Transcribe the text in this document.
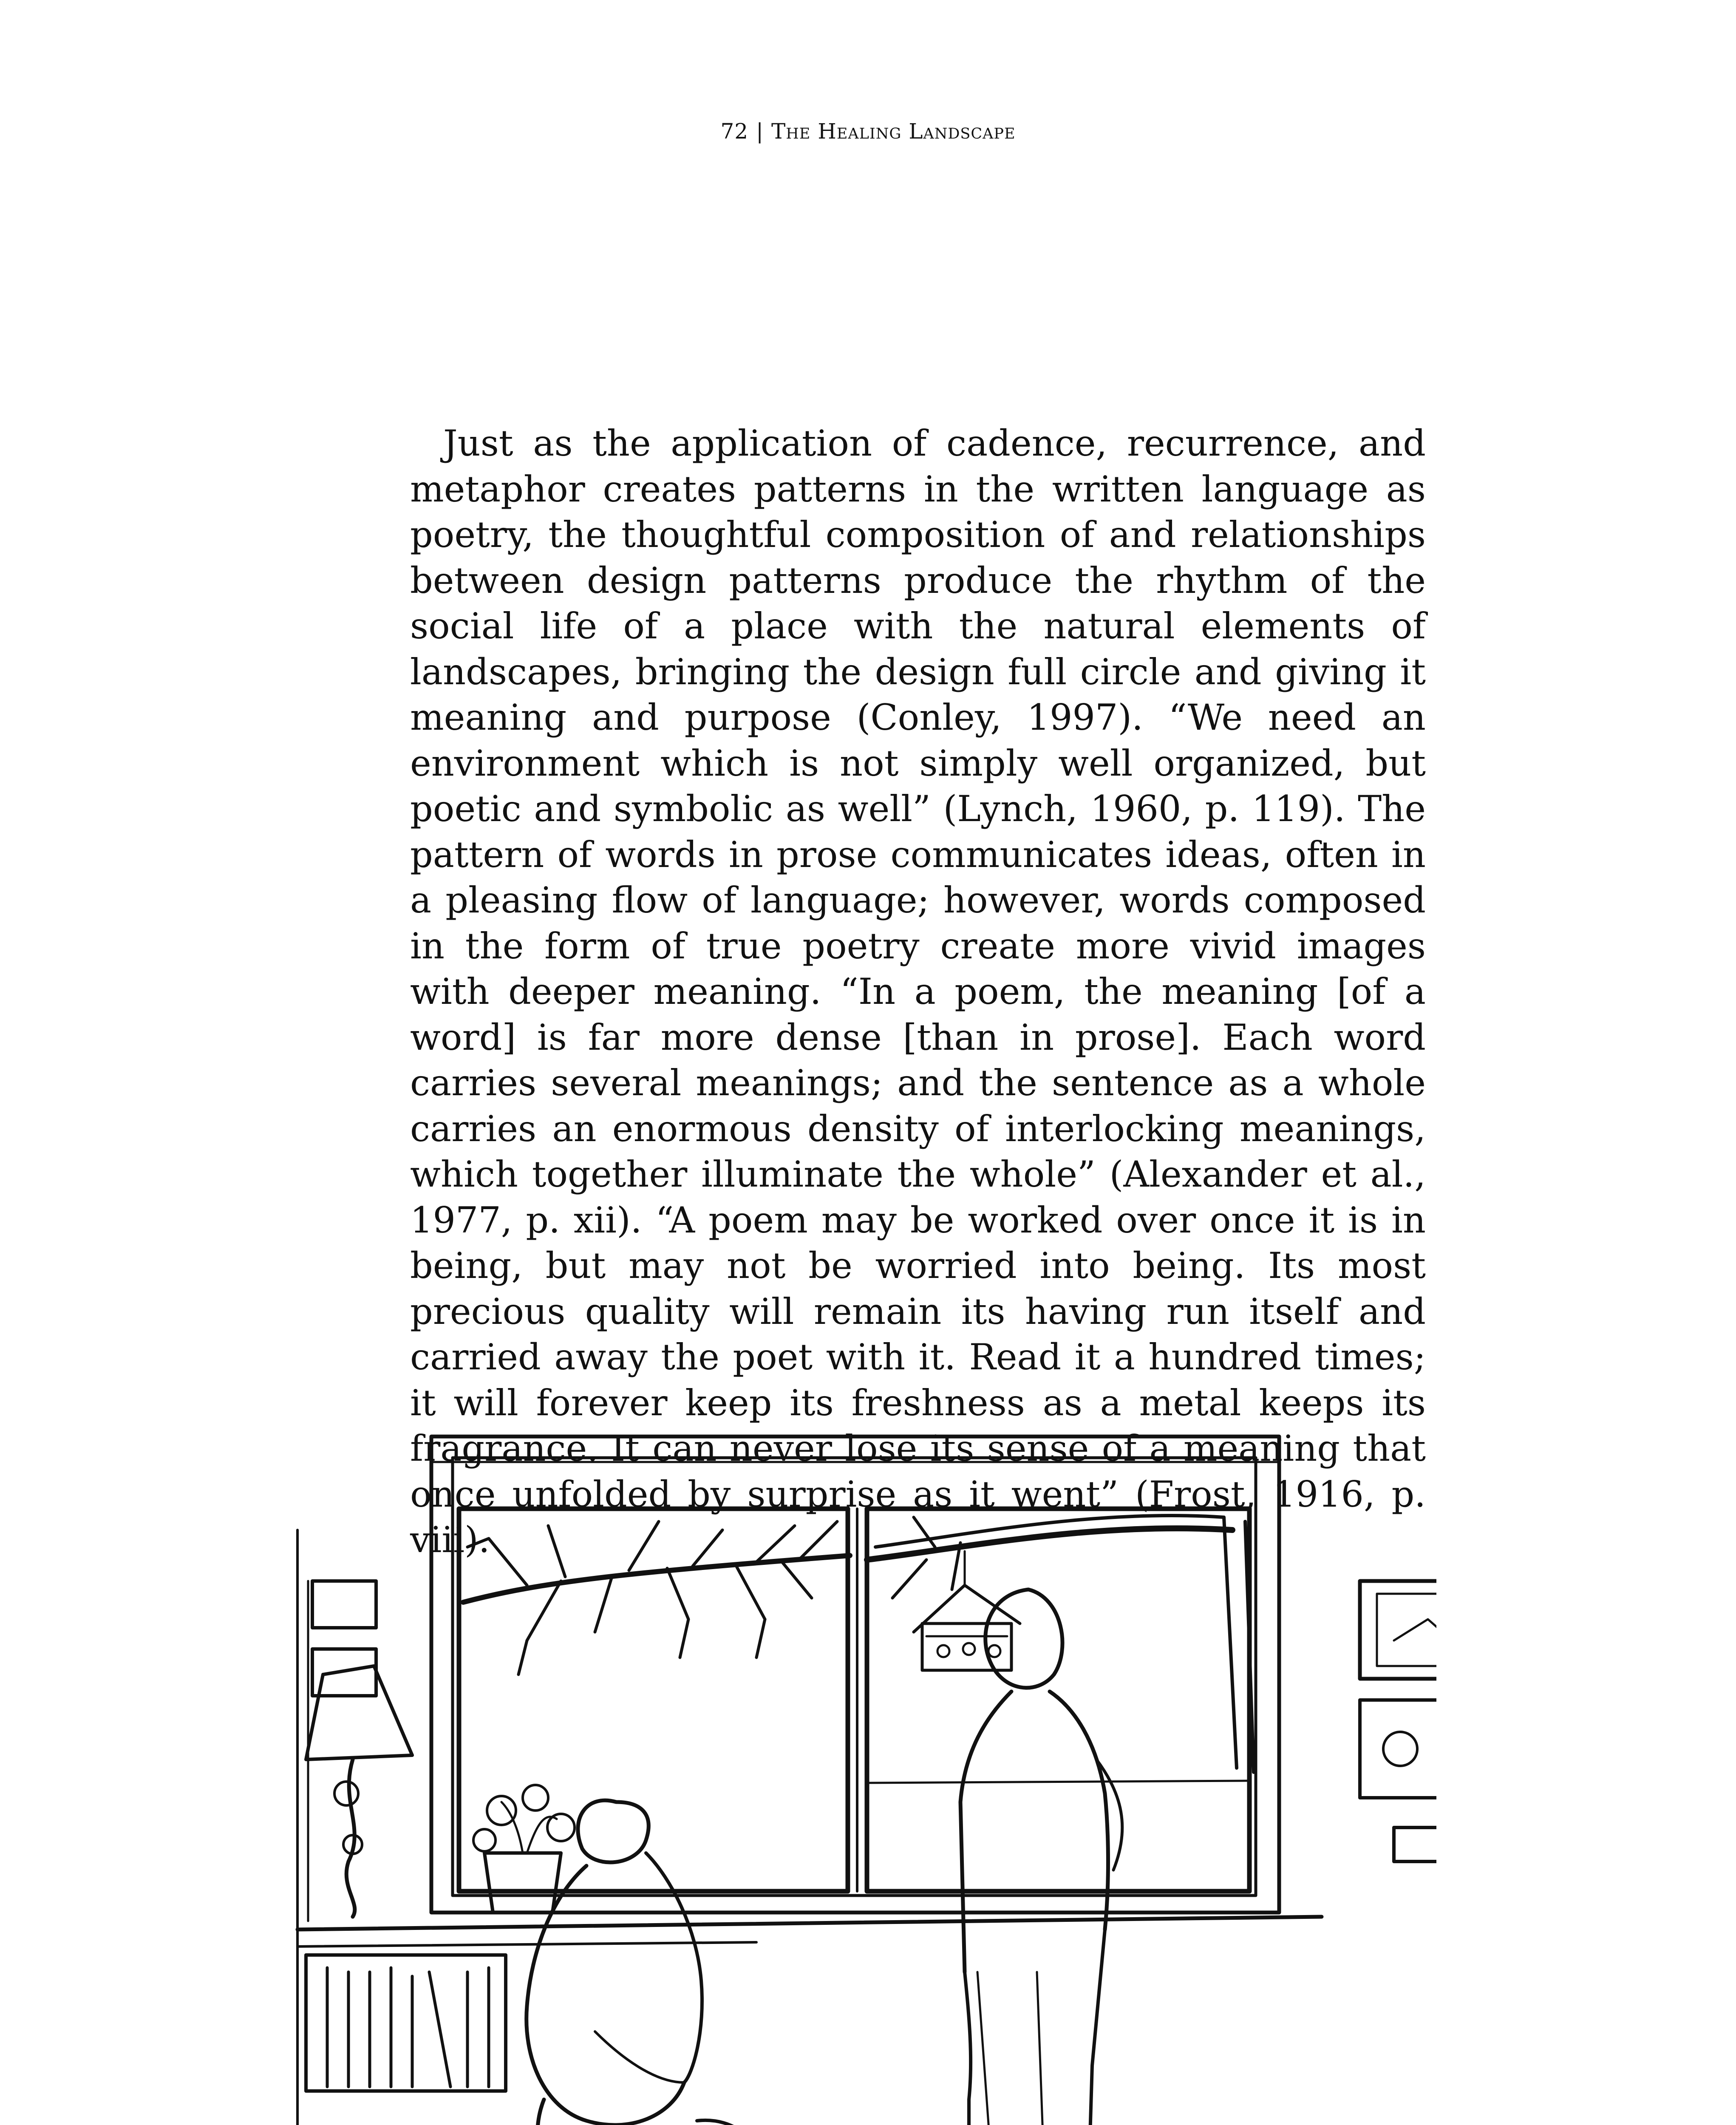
72 | The Healing Landscape

Just as the application of cadence, recurrence, and metaphor creates patterns in the written language as poetry, the thoughtful composition of and relationships between design patterns produce the rhythm of the social life of a place with the natural elements of landscapes, bringing the design full circle and giving it meaning and purpose (Conley, 1997). “We need an environment which is not simply well organized, but poetic and symbolic as well” (Lynch, 1960, p. 119). The pattern of words in prose communicates ideas, often in a pleasing flow of language; however, words composed in the form of true poetry create more vivid images with deeper meaning. “In a poem, the meaning [of a word] is far more dense [than in prose]. Each word carries several meanings; and the sentence as a whole carries an enormous density of interlocking meanings, which together illuminate the whole” (Alexander et al., 1977, p. xii). “A poem may be worked over once it is in being, but may not be worried into being. Its most precious quality will remain its having run itself and carried away the poet with it. Read it a hundred times; it will forever keep its freshness as a metal keeps its fragrance. It can never lose its sense of a meaning that once unfolded by surprise as it went” (Frost, 1916, p. viii).
